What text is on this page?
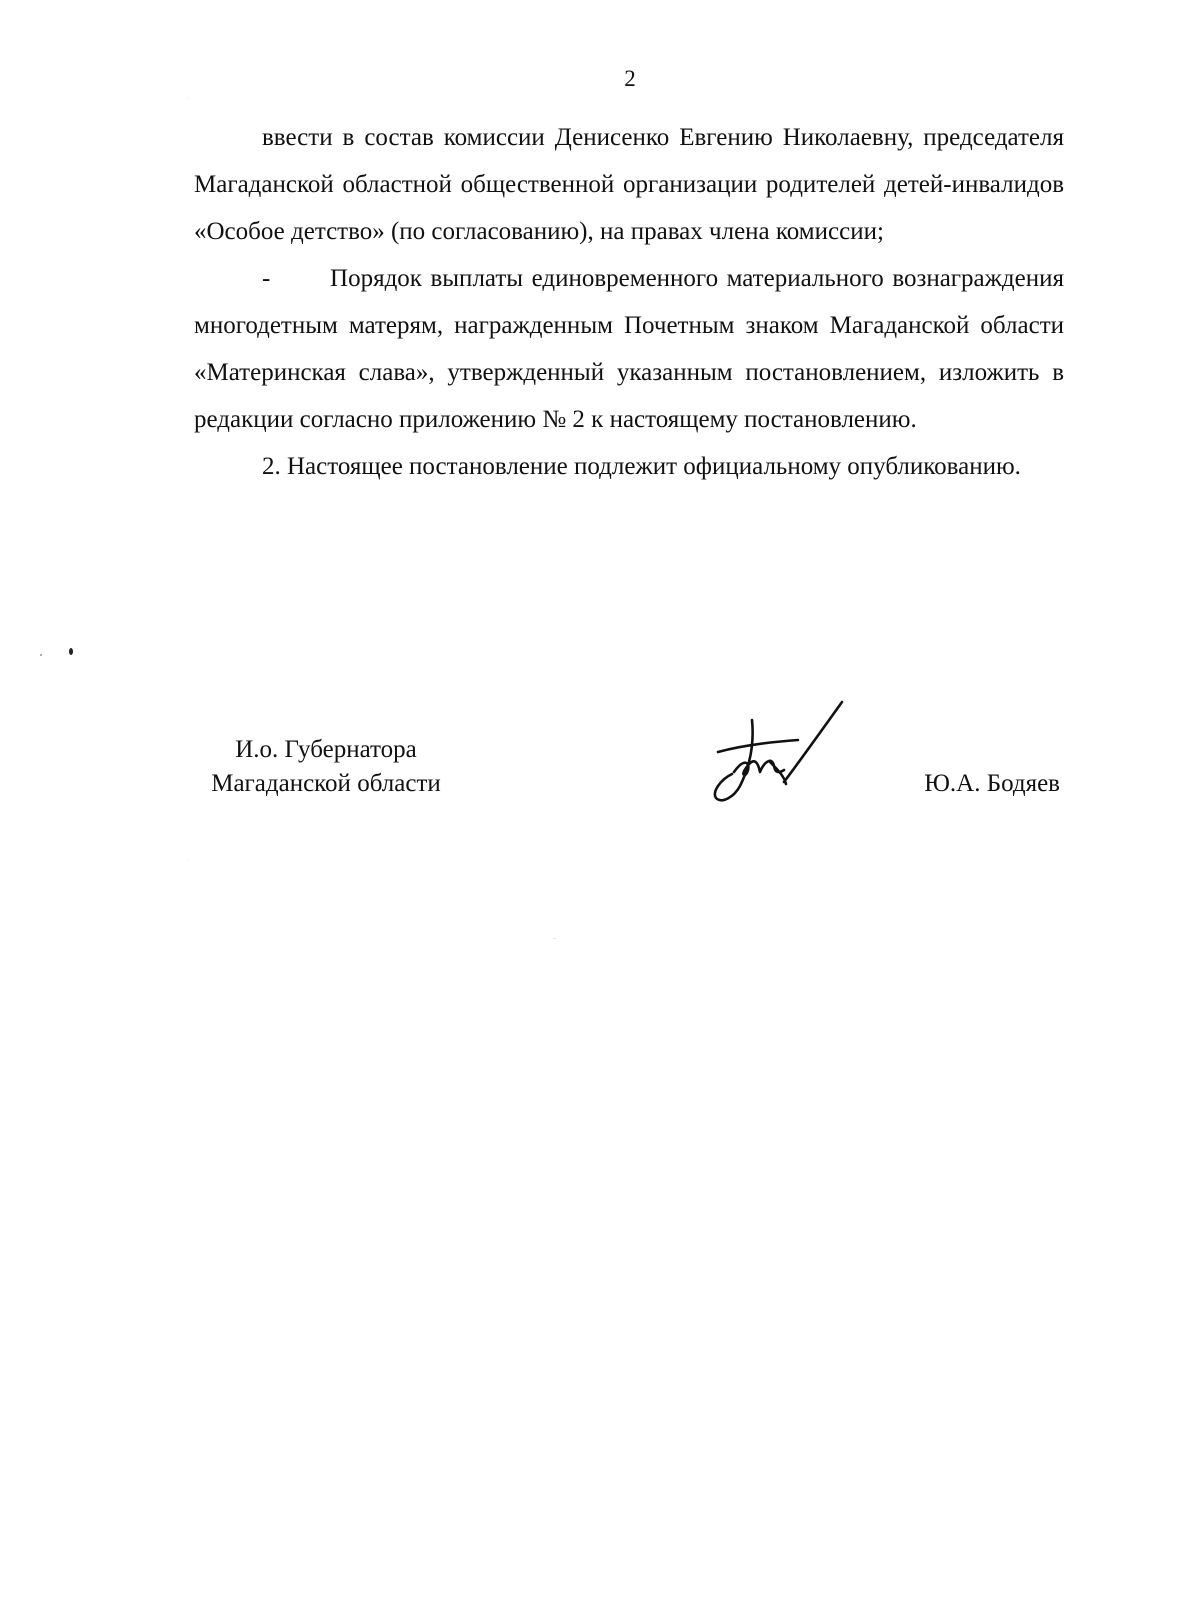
2

ввести в состав комиссии Денисенко Евгению Николаевну, председателя Магаданской областной общественной организации родителей детей-инвалидов «Особое детство» (по согласованию), на правах члена комиссии;

- Порядок выплаты единовременного материального вознаграждения многодетным матерям, награжденным Почетным знаком Магаданской области «Материнская слава», утвержденный указанным постановлением, изложить в редакции согласно приложению № 2 к настоящему постановлению.

2. Настоящее постановление подлежит официальному опубликованию.

И.о. Губернатора
Магаданской области	Ю.А. Бодяев
